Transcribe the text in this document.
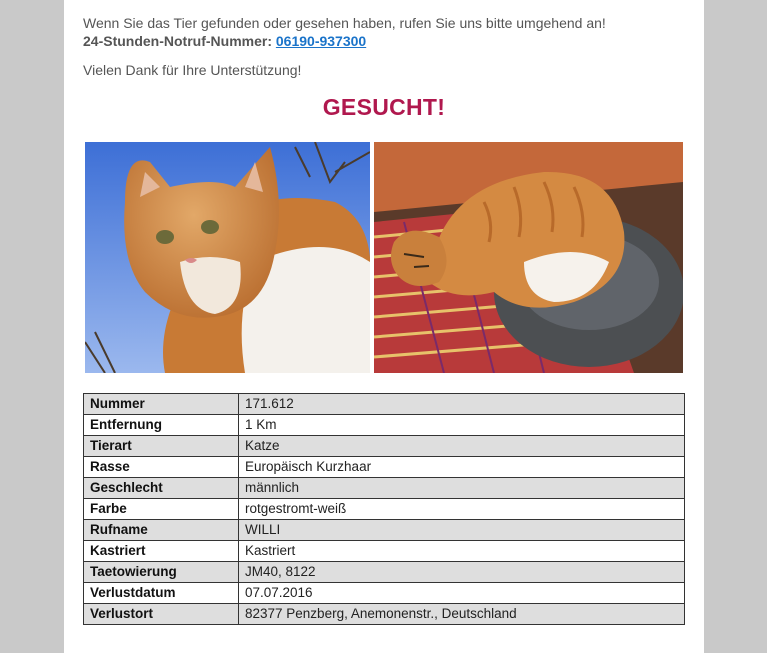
Wenn Sie das Tier gefunden oder gesehen haben, rufen Sie uns bitte umgehend an!

24-Stunden-Notruf-Nummer: 06190-937300

Vielen Dank für Ihre Unterstützung!
GESUCHT!
Nummer	171.612
Entfernung	1 Km
Tierart	Katze
Rasse	Europäisch Kurzhaar
Geschlecht	männlich
Farbe	rotgestromt-weiß
Rufname	WILLI
Kastriert	Kastriert
Taetowierung	JM40, 8122
Verlustdatum	07.07.2016
Verlustort	82377 Penzberg, Anemonenstr., Deutschland
